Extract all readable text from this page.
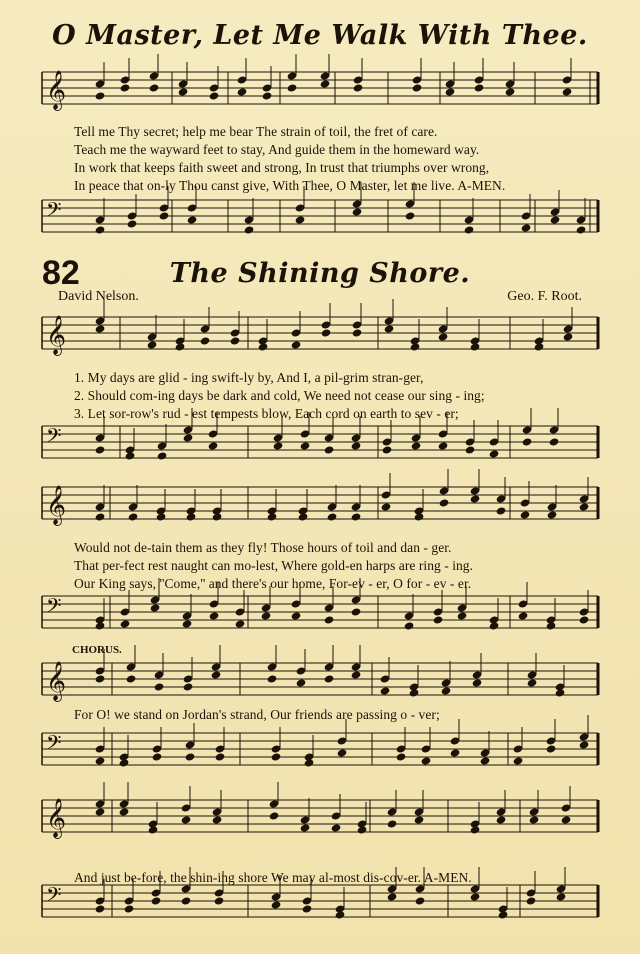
O Master, Let Me Walk With Thee.
𝄞
𝄢
𝄞
𝄢
𝄞
𝄢
𝄞
𝄢
𝄞
𝄢
Tell me Thy secret; help me bear The strain of toil, the fret of care.
Teach me the wayward feet to stay, And guide them in the homeward way.
In work that keeps faith sweet and strong, In trust that triumphs over wrong,
In peace that on-ly Thou canst give, With Thee, O Master, let me live. A-MEN.
82	The Shining Shore.
David Nelson.	Geo. F. Root.
1. My days are glid - ing swift-ly by, And I, a pil-grim stran-ger,
2. Should com-ing days be dark and cold, We need not cease our sing - ing;
3. Let sor-row's rud - est tempests blow, Each cord on earth to sev - er;
Would not de-tain them as they fly! Those hours of toil and dan - ger.
That per-fect rest naught can mo-lest, Where gold-en harps are ring - ing.
Our King says, ''Come,'' and there's our home, For-ev - er, O for - ev - er.
CHORUS.
For O! we stand on Jordan's strand, Our friends are passing o - ver;
And just be-fore, the shin-ing shore We may al-most dis-cov-er. A-MEN.
